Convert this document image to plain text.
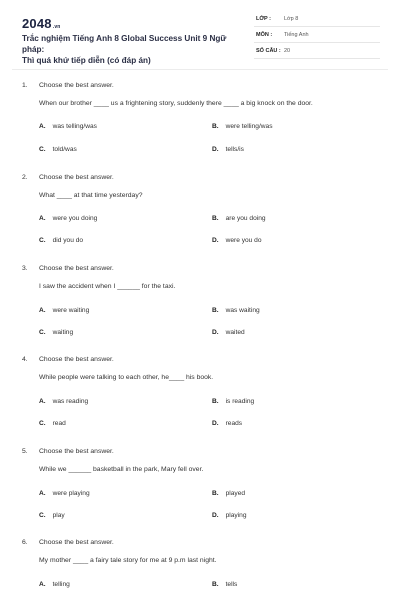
2048.vn
Trắc nghiệm Tiếng Anh 8 Global Success Unit 9 Ngữ pháp:
Thì quá khứ tiếp diễn (có đáp án)
LỚP : Lớp 8
MÔN : Tiếng Anh
SỐ CÂU : 20
1. Choose the best answer.
When our brother ____ us a frightening story, suddenly there ____ a big knock on the door.
A. was telling/was	B. were telling/was
C. told/was	D. tells/is
2. Choose the best answer.
What ____ at that time yesterday?
A. were you doing	B. are you doing
C. did you do	D. were you do
3. Choose the best answer.
I saw the accident when I ______ for the taxi.
A. were waiting	B. was waiting
C. waiting	D. waited
4. Choose the best answer.
While people were talking to each other, he____ his book.
A. was reading	B. is reading
C. read	D. reads
5. Choose the best answer.
While we ______ basketball in the park, Mary fell over.
A. were playing	B. played
C. play	D. playing
6. Choose the best answer.
My mother ____ a fairy tale story for me at 9 p.m last night.
A. telling	B. tells
